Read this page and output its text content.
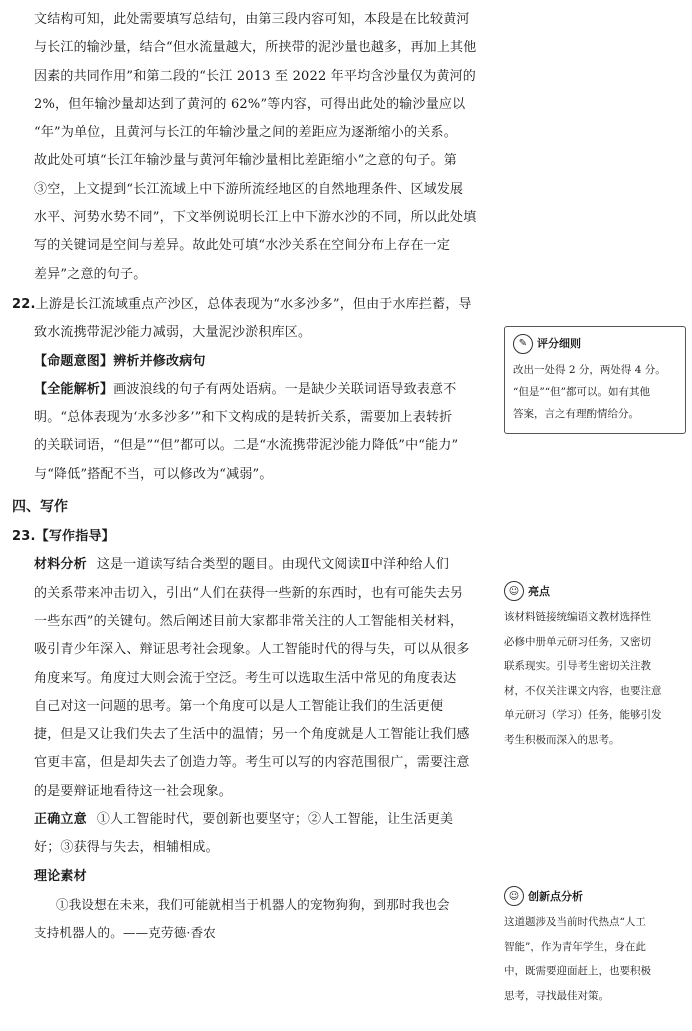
文结构可知，此处需要填写总结句，由第三段内容可知，本段是在比较黄河

与长江的输沙量，结合“但水流量越大，所挟带的泥沙量也越多，再加上其他

因素的共同作用”和第二段的“长江 2013 至 2022 年平均含沙量仅为黄河的

2%，但年输沙量却达到了黄河的 62%”等内容，可得出此处的输沙量应以

“年”为单位，且黄河与长江的年输沙量之间的差距应为逐渐缩小的关系。

故此处可填“长江年输沙量与黄河年输沙量相比差距缩小”之意的句子。第

③空，上文提到“长江流域上中下游所流经地区的自然地理条件、区域发展

水平、河势水势不同”，下文举例说明长江上中下游水沙的不同，所以此处填

写的关键词是空间与差异。故此处可填“水沙关系在空间分布上存在一定

差异”之意的句子。

22.上游是长江流域重点产沙区，总体表现为“水多沙多”，但由于水库拦蓄，导

致水流携带泥沙能力减弱，大量泥沙淤积库区。

【命题意图】辨析并修改病句

【全能解析】画波浪线的句子有两处语病。一是缺少关联词语导致表意不

明。“总体表现为‘水多沙多’”和下文构成的是转折关系，需要加上表转折

的关联词语，“但是”“但”都可以。二是“水流携带泥沙能力降低”中“能力”

与“降低”搭配不当，可以修改为“减弱”。

四、写作

23.【写作指导】

材料分析 这是一道读写结合类型的题目。由现代文阅读Ⅱ中洋种给人们

的关系带来冲击切入，引出“人们在获得一些新的东西时，也有可能失去另

一些东西”的关键句。然后阐述目前大家都非常关注的人工智能相关材料，

吸引青少年深入、辩证思考社会现象。人工智能时代的得与失，可以从很多

角度来写。角度过大则会流于空泛。考生可以选取生活中常见的角度表达

自己对这一问题的思考。第一个角度可以是人工智能让我们的生活更便

捷，但是又让我们失去了生活中的温情；另一个角度就是人工智能让我们感

官更丰富，但是却失去了创造力等。考生可以写的内容范围很广，需要注意

的是要辩证地看待这一社会现象。

正确立意 ①人工智能时代，要创新也要坚守；②人工智能，让生活更美

好；③获得与失去，相辅相成。

理论素材

①我设想在未来，我们可能就相当于机器人的宠物狗狗，到那时我也会

支持机器人的。——克劳德·香农

✎ 评分细则
改出一处得 2 分，两处得 4 分。
“但是”“但”都可以。如有其他
答案，言之有理酌情给分。
☺ 亮点

该材料链接统编语文教材选择性

必修中册单元研习任务，又密切

联系现实。引导考生密切关注教

材，不仅关注课文内容，也要注意

单元研习（学习）任务，能够引发

考生积极而深入的思考。

☺ 创新点分析

这道题涉及当前时代热点“人工

智能”，作为青年学生，身在此

中，既需要迎面赶上，也要积极

思考，寻找最佳对策。
